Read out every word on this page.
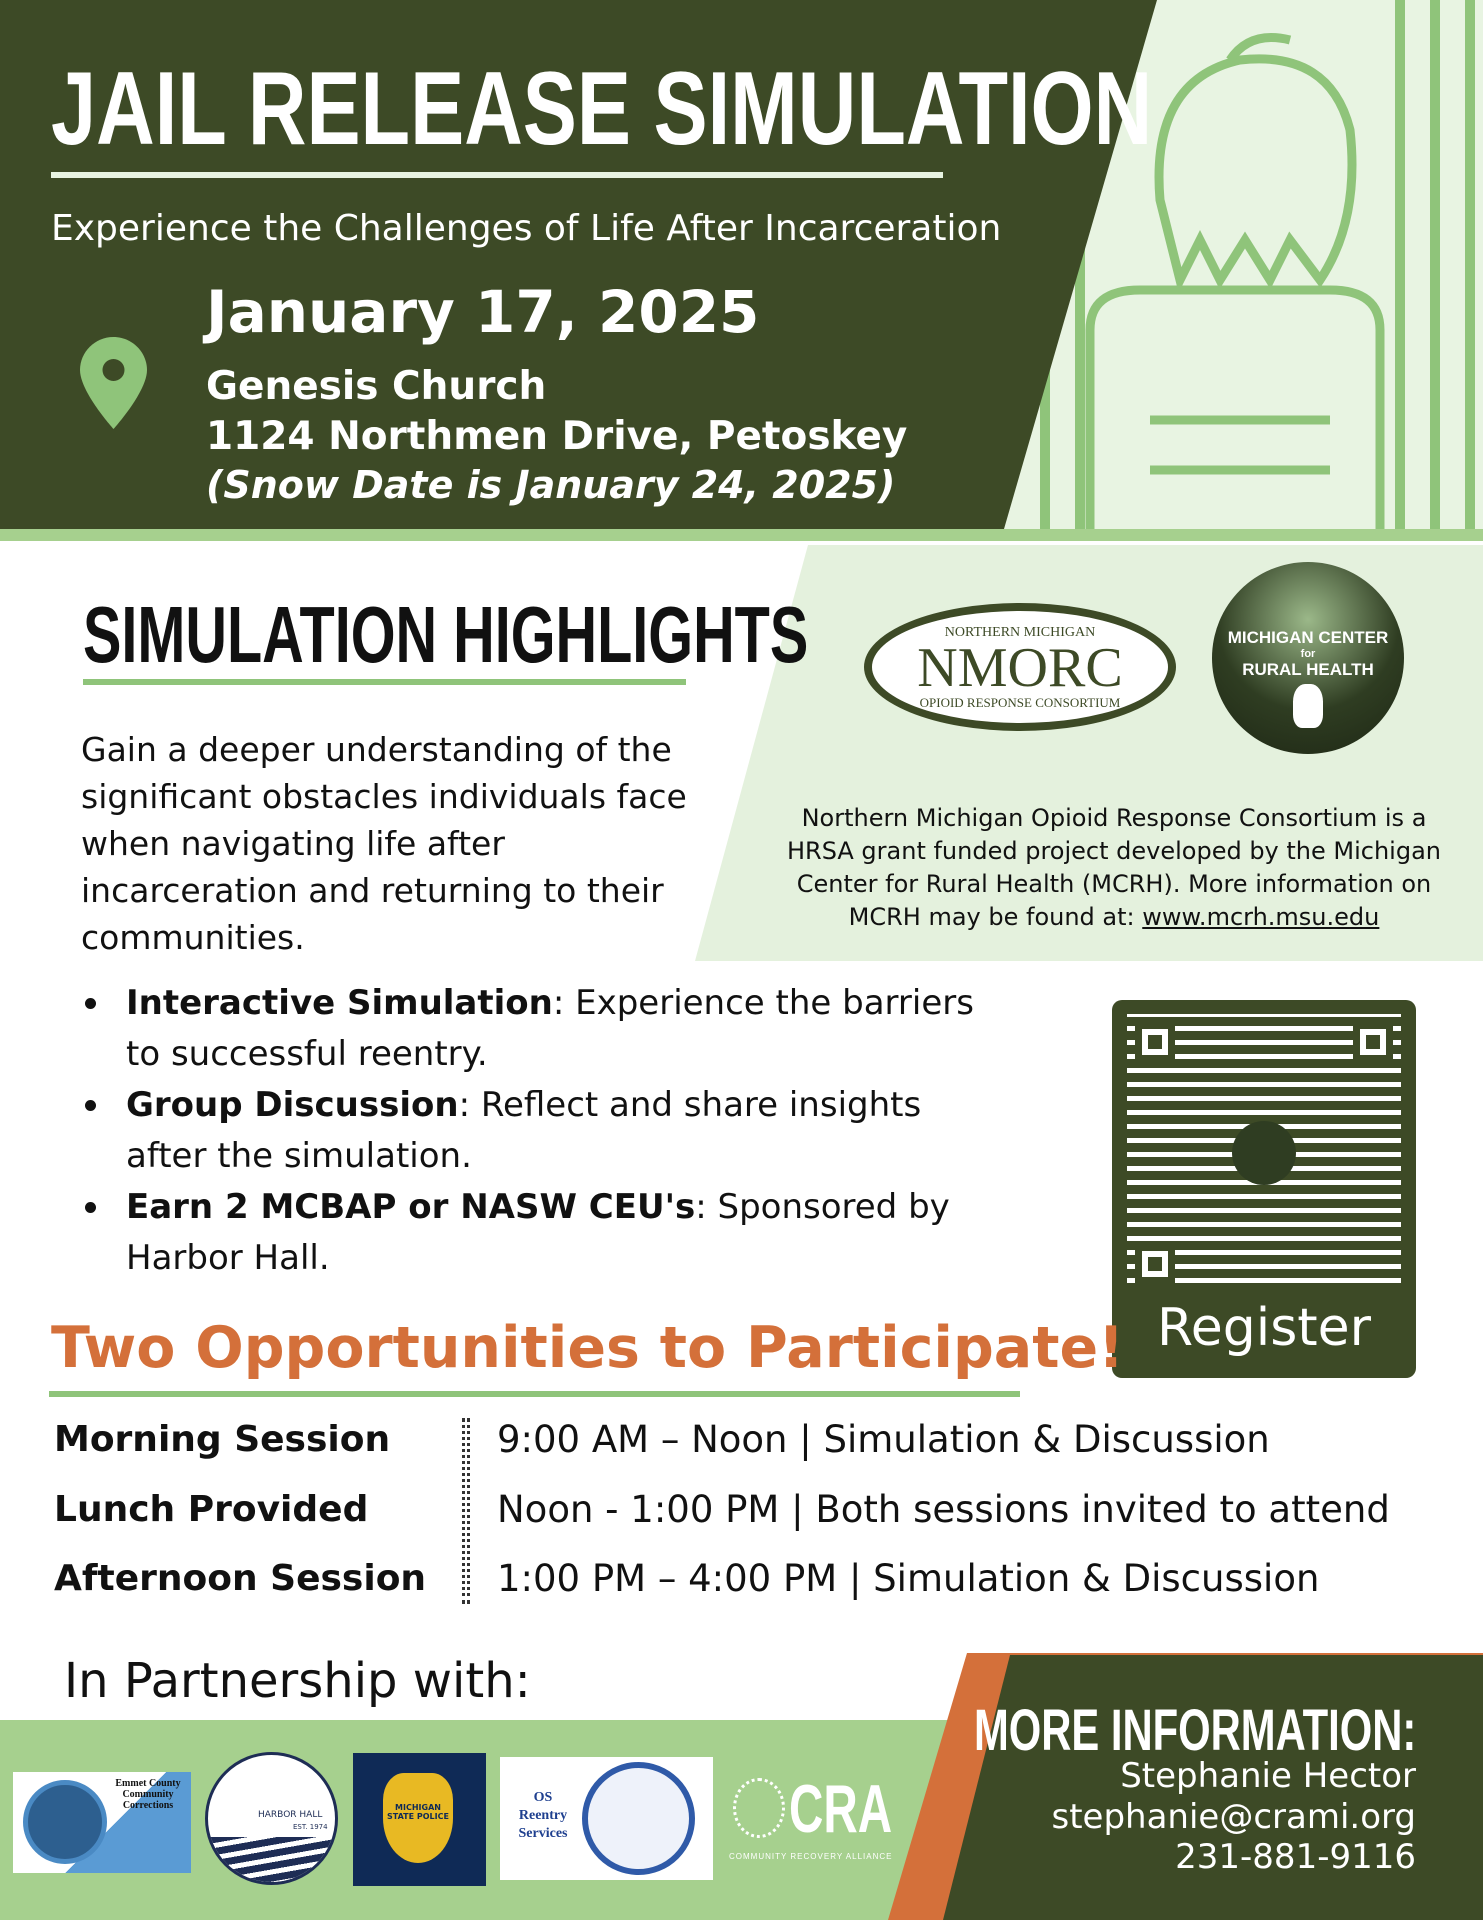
JAIL RELEASE SIMULATION
Experience the Challenges of Life After Incarceration
January 17, 2025
Genesis Church
1124 Northmen Drive, Petoskey
(Snow Date is January 24, 2025)
NORTHERN MICHIGAN
NMORC
OPIOID RESPONSE CONSORTIUM
MICHIGAN CENTER
for
RURAL HEALTH
Northern Michigan Opioid Response Consortium is a HRSA grant funded project developed by the Michigan Center for Rural Health (MCRH). More information on MCRH may be found at: www.mcrh.msu.edu
SIMULATION HIGHLIGHTS
Gain a deeper understanding of the significant obstacles individuals face when navigating life after incarceration and returning to their communities.
Interactive Simulation: Experience the barriers to successful reentry.
Group Discussion: Reflect and share insights after the simulation.
Earn 2 MCBAP or NASW CEU's: Sponsored by Harbor Hall.
Register
Two Opportunities to Participate!
Morning Session	9:00 AM – Noon | Simulation & Discussion
Lunch Provided	Noon - 1:00 PM | Both sessions invited to attend
Afternoon Session 1:00 PM – 4:00 PM | Simulation & Discussion
In Partnership with:
Emmet County Community Corrections
HARBOR HALL
EST. 1974
MICHIGAN STATE POLICE
OS Reentry Services	CRA
COMMUNITY RECOVERY ALLIANCE
MORE INFORMATION:
Stephanie Hector
stephanie@crami.org
231-881-9116
